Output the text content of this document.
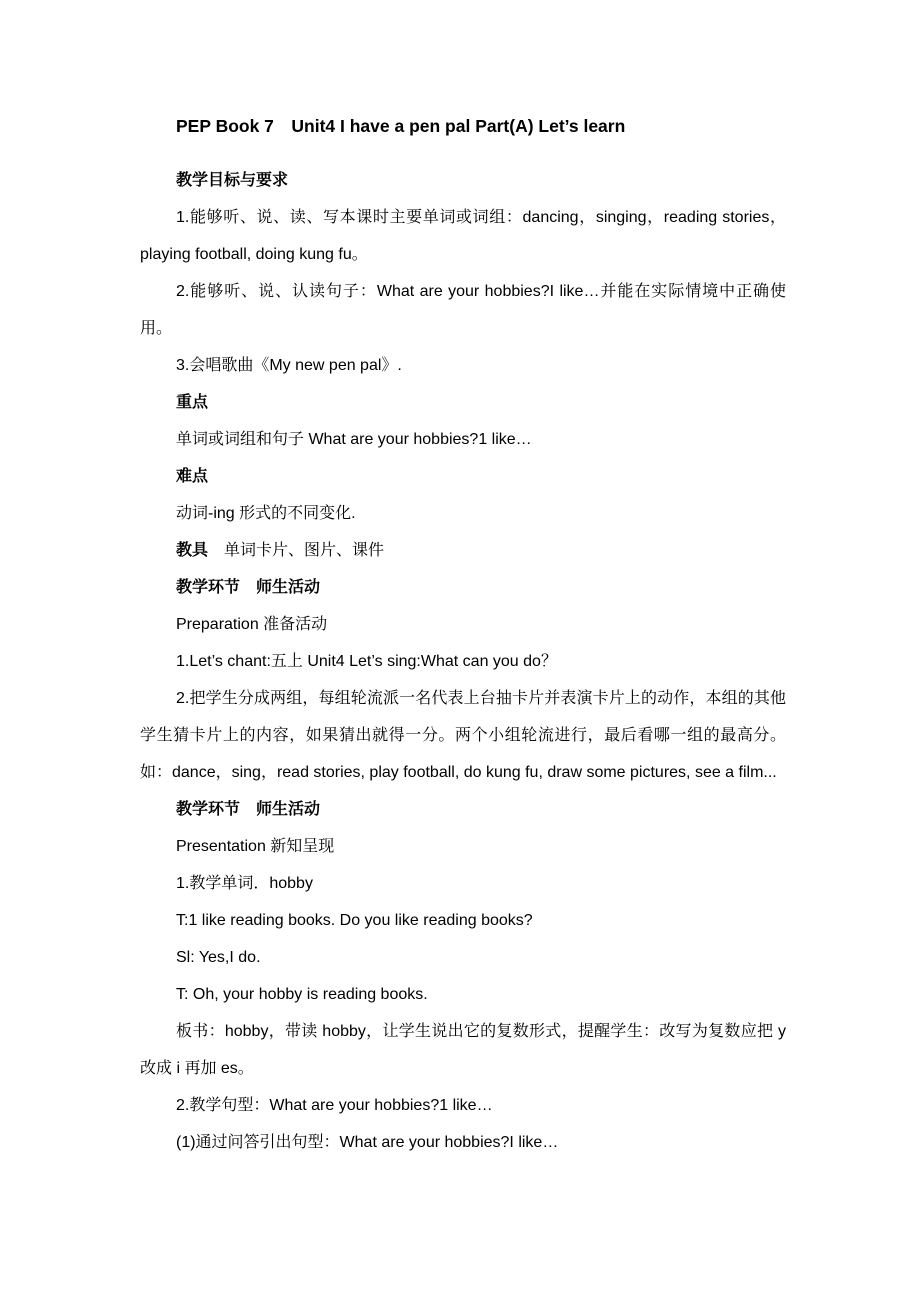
PEP Book 7　Unit4 I have a pen pal Part(A) Let’s learn

教学目标与要求

1.能够听、说、读、写本课时主要单词或词组：dancing，singing，reading stories，playing football, doing kung fu。

2.能够听、说、认读句子：What are your hobbies?I like…并能在实际情境中正确使用。

3.会唱歌曲《My new pen pal》.

重点

单词或词组和句子 What are your hobbies?1 like…

难点

动词-ing 形式的不同变化.

教具　单词卡片、图片、课件

教学环节　师生活动

Preparation 准备活动

1.Let’s chant:五上 Unit4 Let’s sing:What can you do？

2.把学生分成两组，每组轮流派一名代表上台抽卡片并表演卡片上的动作，本组的其他学生猜卡片上的内容，如果猜出就得一分。两个小组轮流进行，最后看哪一组的最高分。如：dance，sing，read stories, play football, do kung fu, draw some pictures, see a film...

教学环节　师生活动

Presentation 新知呈现

1.教学单词．hobby

T:1 like reading books. Do you like reading books?

Sl: Yes,I do.

T: Oh, your hobby is reading books.

板书：hobby，带读 hobby，让学生说出它的复数形式，提醒学生：改写为复数应把 y 改成 i 再加 es。

2.教学句型：What are your hobbies?1 like…

(1)通过问答引出句型：What are your hobbies?I like…
